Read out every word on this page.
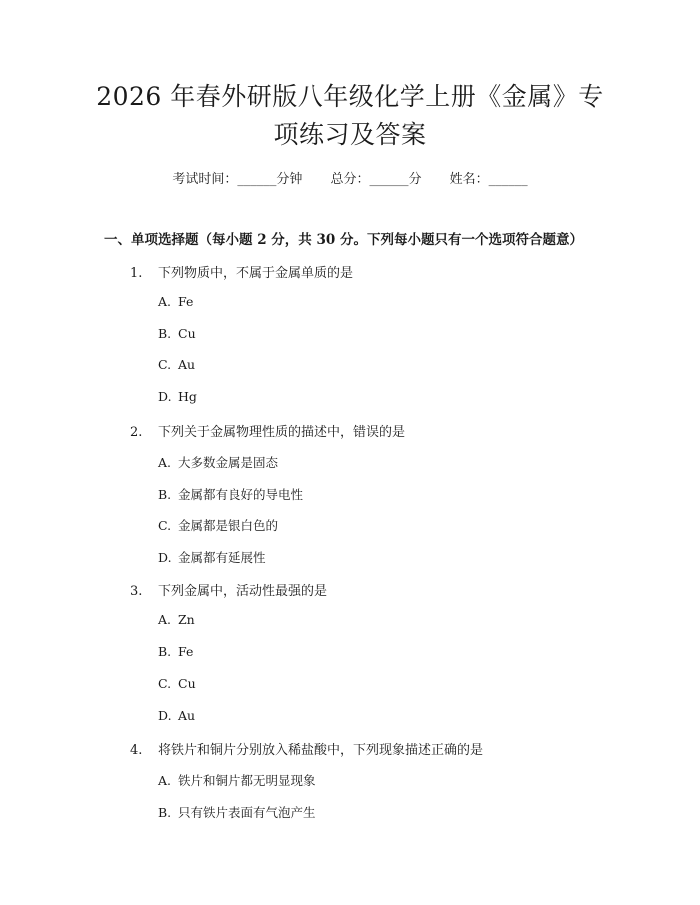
2026 年春外研版八年级化学上册《金属》专
项练习及答案
考试时间：______分钟 总分：______分 姓名：______
一、单项选择题（每小题 2 分，共 30 分。下列每小题只有一个选项符合题意）
1. 下列物质中，不属于金属单质的是
A. Fe
B. Cu
C. Au
D. Hg
2. 下列关于金属物理性质的描述中，错误的是
A. 大多数金属是固态
B. 金属都有良好的导电性
C. 金属都是银白色的
D. 金属都有延展性
3. 下列金属中，活动性最强的是
A. Zn
B. Fe
C. Cu
D. Au
4. 将铁片和铜片分别放入稀盐酸中，下列现象描述正确的是
A. 铁片和铜片都无明显现象
B. 只有铁片表面有气泡产生
